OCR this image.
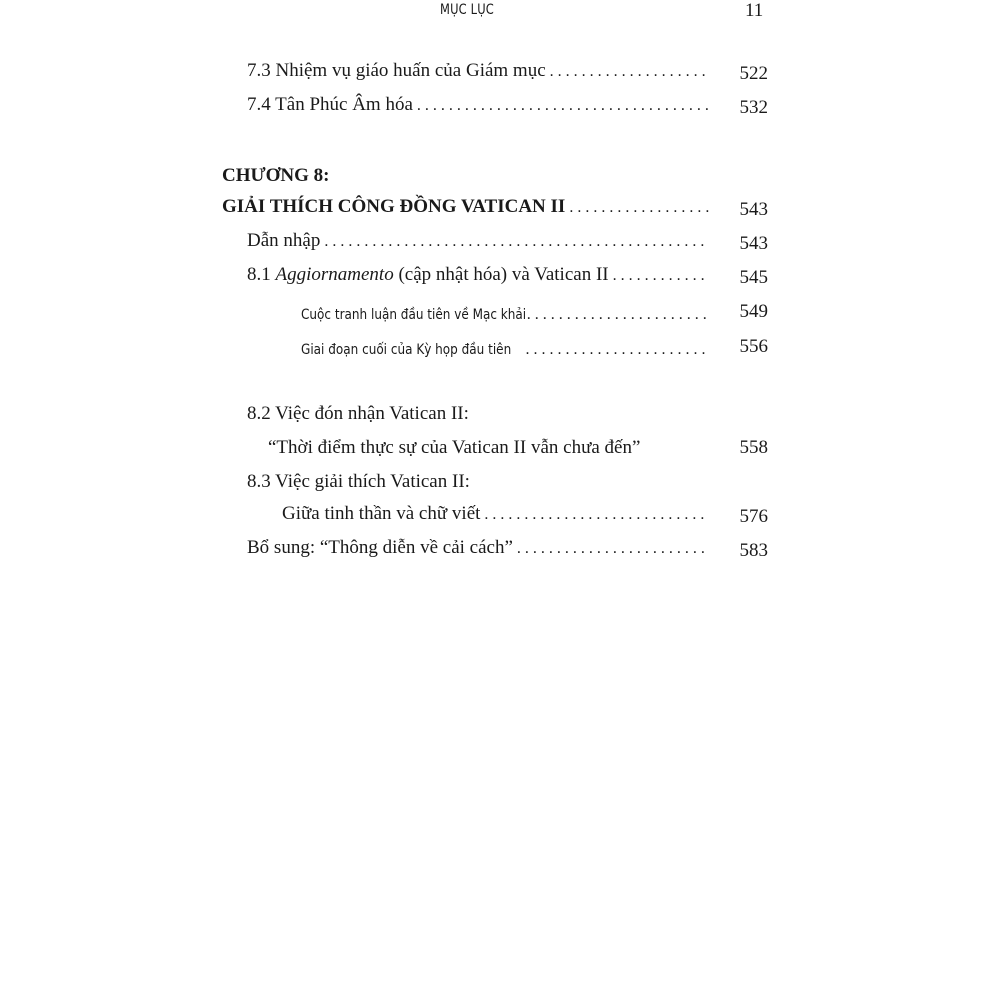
MỤC LỤC	11
7.3 Nhiệm vụ giáo huấn của Giám mục . . .	522
7.4 Tân Phúc Âm hóa . . .	532
CHƯƠNG 8:
GIẢI THÍCH CÔNG ĐỒNG VATICAN II . . .	543
Dẫn nhập . . .	543
8.1 Aggiornamento (cập nhật hóa) và Vatican II . . .	545
Cuộc tranh luận đầu tiên về Mạc khải . . .	549
Giai đoạn cuối của Kỳ họp đầu tiên . . .	556
8.2 Việc đón nhận Vatican II:
“Thời điểm thực sự của Vatican II vẫn chưa đến”	558
8.3 Việc giải thích Vatican II:
Giữa tinh thần và chữ viết . . .	576
Bổ sung: “Thông diễn về cải cách” . . .	583
